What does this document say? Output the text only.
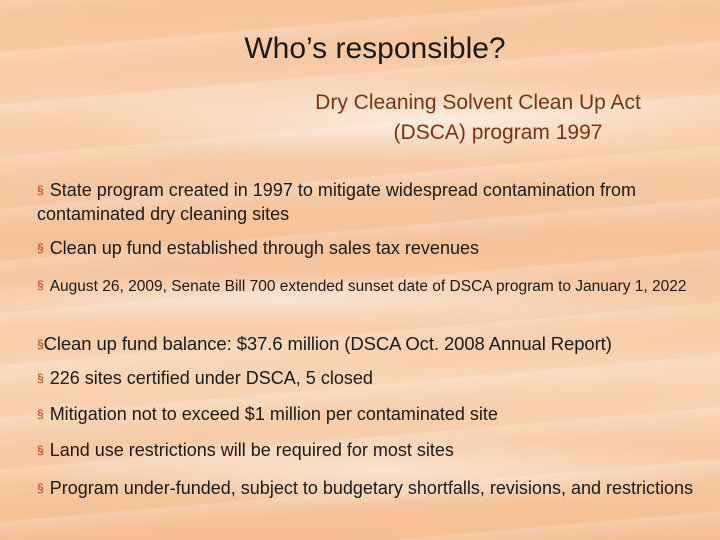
Who’s responsible?
Dry Cleaning Solvent Clean Up Act
(DSCA) program 1997
§ State program created in 1997 to mitigate widespread contamination from contaminated dry cleaning sites
§ Clean up fund established through sales tax revenues
§ August 26, 2009, Senate Bill 700 extended sunset date of DSCA program to January 1, 2022
§Clean up fund balance: $37.6 million (DSCA Oct. 2008 Annual Report)
§ 226 sites certified under DSCA, 5 closed
§ Mitigation not to exceed $1 million per contaminated site
§ Land use restrictions will be required for most sites
§ Program under-funded, subject to budgetary shortfalls, revisions, and restrictions
